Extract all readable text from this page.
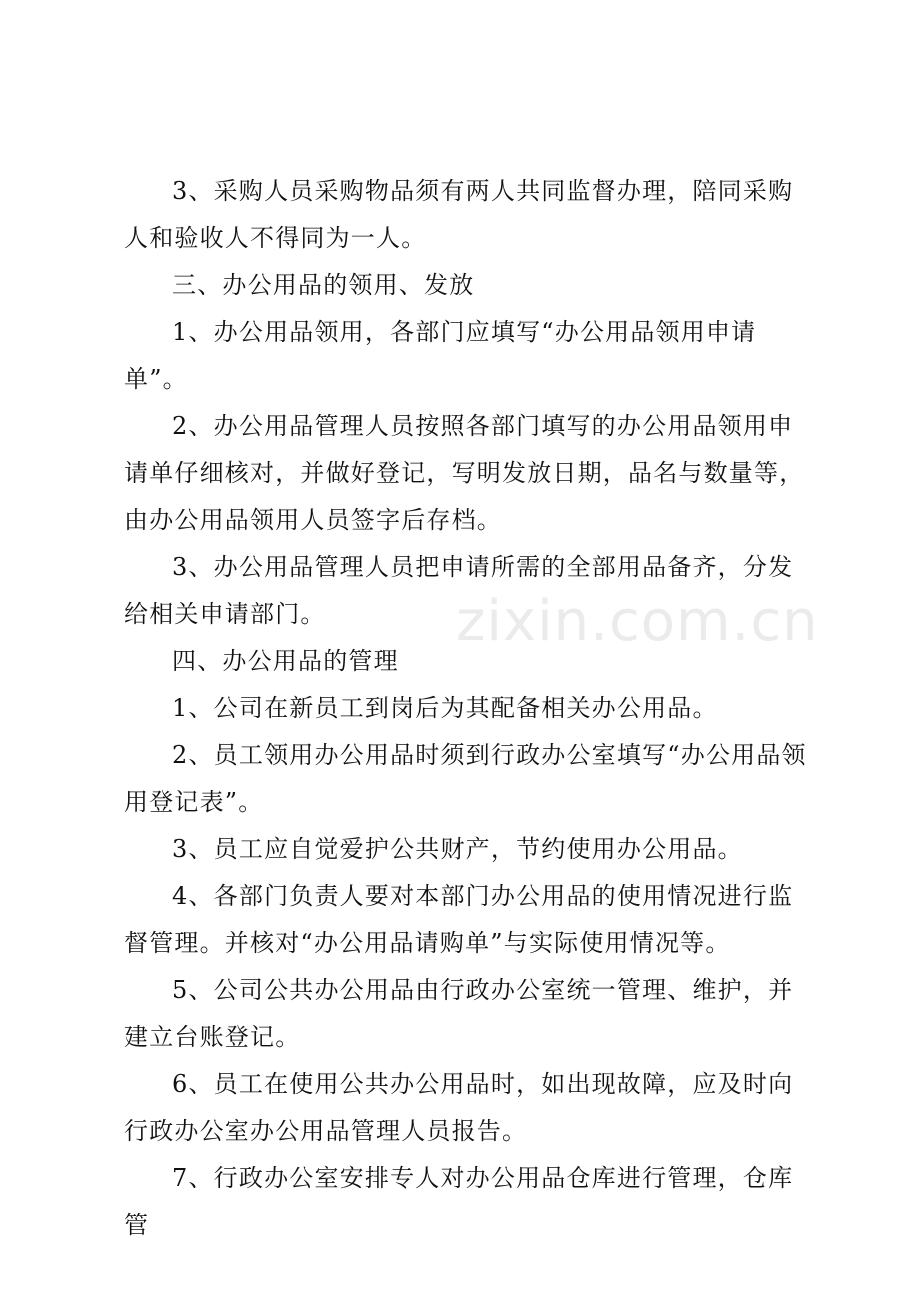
3、采购人员采购物品须有两人共同监督办理，陪同采购人和验收人不得同为一人。

三、办公用品的领用、发放

1、办公用品领用，各部门应填写“办公用品领用申请单”。

2、办公用品管理人员按照各部门填写的办公用品领用申请单仔细核对，并做好登记，写明发放日期，品名与数量等，由办公用品领用人员签字后存档。

3、办公用品管理人员把申请所需的全部用品备齐，分发给相关申请部门。

四、办公用品的管理

1、公司在新员工到岗后为其配备相关办公用品。

2、员工领用办公用品时须到行政办公室填写“办公用品领用登记表”。

3、员工应自觉爱护公共财产，节约使用办公用品。

4、各部门负责人要对本部门办公用品的使用情况进行监督管理。并核对“办公用品请购单”与实际使用情况等。

5、公司公共办公用品由行政办公室统一管理、维护，并建立台账登记。

6、员工在使用公共办公用品时，如出现故障，应及时向行政办公室办公用品管理人员报告。

7、行政办公室安排专人对办公用品仓库进行管理，仓库管

zixin.com.cn
